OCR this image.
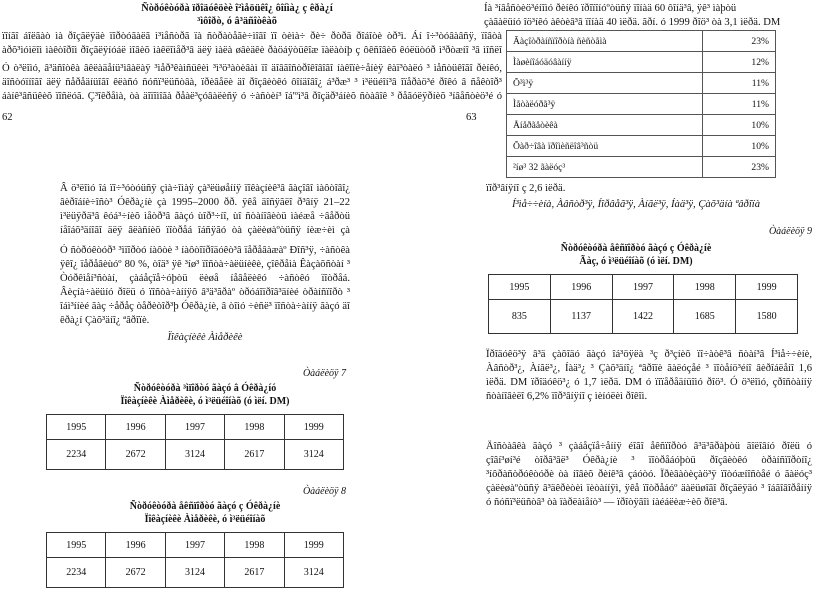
Ñòðóêòóðà ïðîäóêöèè î²ìåöüêî¿ ôîíìà¿ ç êðà¿í
³ìôîðò, ó â³äñîòêàõ

ïîíãî áîëãàò ìà ðîçãëÿäè ïîðòóãàëã ì³ìåñòðã ïà ñòðàòåãè÷ìîãî ïî òèìà÷ ðè÷ ðòðä ðîáîòè òð³ì. Áí î÷³òóâàâñÿ, ïîâòà àðõ³ìóìëîì ìàêòîðîì ðîçãëÿíóáë ìîâèõ ìàêëîìåð³â äëÿ ìàëà øâèäêè ðàöáÿòüêîæ ïàëàòíþ ç ôêñîâèõ êóëüòóð ì³ðòæíî ³â ìîñëî

Ó ò³ëîìó, â³äñîòêà âêëàäåíü³ìâàëàÿ ³ìåð³êàìñüêèì ³ì³ö³àòèâàì ïî äîâãîñòðîêîâîãî íàêîïè÷åíèÿ êàï³òàëó ³ ìåñòüêîãî ðèíêó, äîñòóïíîãî äëÿ ñåðåäíüîãî êëàñó ñóñï³ëüñòâà, ïðèâåëè äî ðîçâèòêó ôîíäîâî¿ á³ðæ³ ³ ì³ëüéîí³â îïåðàö³é ðîêó â ñåêòîð³ áàíê³âñüêèõ ïîñëóã. Ç³îêðåìà, òà äîïîìîãà ðåàë³çóâàëèñÿ ó ÷àñòèí³ îá'ºì³â ðîçäð³áíèõ ñòàâîê ³ ðåãóëÿðíèõ ³íâåñòèö³é ó

62	63

Íà ³íâåñòèö³éíîìó ðèíêó ïðîïîíóºòüñÿ ïîíàä 60 ôîíä³â, ÿê³ ìàþòü

çàãàëüíó îö³íêó àêòèâ³â ïîíàä 40 ìëðä. ãðí. ó 1999 ðîö³ òà 3,1 ìëðä. DM

Ãàçîòðàíñïîðòíà ñèñòåìà	23%
Ìàøèíîáóäóâàííÿ	12%
Õ³ì³ÿ	11%
Ìåòàëóðã³ÿ	11%
Åíåðãåòèêà	10%
Õàð÷îâà ïðîìèñëîâ³ñòü	10%
²íø³ 32 ãàëóç³	23%

Â ö³ëîìó îá ïî÷³óòóüñÿ çìà÷îìàÿ çà³ëüøåííÿ ïîêàçíèê³â ãàçîâî ìàôòîâî¿ âèðîáíè÷îñò³ Óêðà¿íè çà 1995–2000 ðð. ÿêå äîñÿãëî ð³âíÿ 21–22 ì³ëüÿðä³â êóá³÷íèõ ìåòð³â ãàçó ùîð³÷íî, ùî ñòàíîâèòü ìàéæå ÷âåðòü íåîáõ³äíîãî äëÿ âëàñíèõ ïîòðåá îáñÿãó òà çàëèøàºòüñÿ íèæ÷èì çà

Ó ñòðóêòóð³ ³ìïîðòó íàôòè ³ íàôòîïðîäóêò³â ïåðåâàæàº Ðîñ³ÿ, ÷àñòêà ÿêî¿ ïåðåâèùóº 80 %, òîä³ ÿê ³íø³ ïîñòà÷àëüíèêè, çîêðåìà Êàçàõñòàí ³ Òóðêìåí³ñòàí, çàáåçïå÷óþòü ëèøå íåâåëèêó ÷àñòêó ïîòðåá. Âèçíà÷àëüíó ðîëü ó ïîñòà÷àííÿõ â³ä³ãðàº òðóáîïðîâ³äíèé òðàíñïîðò ³ îáì³ííèé ãàç ÷åðåç òåðèòîð³þ Óêðà¿íè, â òîìó ÷èñë³ ïîñòà÷àííÿ ãàçó äî êðà¿í Çàõ³äíî¿ ªâðîïè.

Ïîêàçíèêè Àìåðèêè
Òàáëèöÿ 7
Ñòðóêòóðà ³ìïîðòó ãàçó â Óêðà¿íó
Ïîêàçíèêè Àìåðèêè, ó ì³ëüéîíàõ (ó ìëí. DM)
1995	1996	1997	1998	1999
2234	2672	3124	2617	3124
Òàáëèöÿ 8
Ñòðóêòóðà åêñïîðòó ãàçó ç Óêðà¿íè
Ïîêàçíèêè Àìåðèêè, ó ì³ëüéîíàõ
1995	1996	1997	1998	1999
2234	2672	3124	2617	3124

ïîð³âíÿíî ç 2,6 ìëðä.

Í³ìå÷÷èíà, Àâñòð³ÿ, Íîðâåã³ÿ, Àíãë³ÿ, Íàä³ÿ, Çàõ³äíà ªâðîïà

Òàáëèöÿ 9
Ñòðóêòóðà åêñïîðòó ãàçó ç Óêðà¿íè
Ãàç, ó ì³ëüéîíàõ (ó ìëí. DM)
1995	1996	1997	1998	1999
835	1137	1422	1685	1580

Ïðîäóêö³ÿ â³ä çàõîäó ãàçó îá³öÿëà ³ç ð³çíèõ ïî÷àòê³â ñòàí³â Í³ìå÷÷èíè, Àâñòð³¿, Àíãë³¿, Íàä³¿ ³ Çàõ³äíî¿ ªâðîïè ãàëóçåé ³ ïîòåíö³éíî âèðîáëåíî 1,6 ìëðä. DM ïðîäóêö³¿ ó 1,7 ìëðä. DM ó ïîïåðåäíüîìó ðîö³. Ó ö³ëîìó, çðîñòàííÿ ñòàíîâèëî 6,2% ïîð³âíÿíî ç ìèíóëèì ðîêîì.

Äîñòàâêà ãàçó ³ çàáåçïå÷åííÿ éîãî åêñïîðòó â³ä³ãðàþòü ãîëîâíó ðîëü ó çîâí³øí³é òîðã³âë³ Óêðà¿íè ³ ïîòðåáóþòü ðîçâèòêó òðàíñïîðòíî¿ ³íôðàñòðóêòóðè òà íîâèõ ðèíê³â çáóòó. Ïðèâàòèçàö³ÿ ïîòóæíîñòåé ó ãàëóç³ çàëèøàºòüñÿ â³äêðèòèì ïèòàííÿì, ÿêå ïîòðåáóº äàëüøîãî ðîçãëÿäó ³ îáãîâîðåííÿ ó ñóñï³ëüñòâ³ òà ïàðëàìåíò³ — ïðîòÿãîì íàéáëèæ÷èõ ðîê³â.
